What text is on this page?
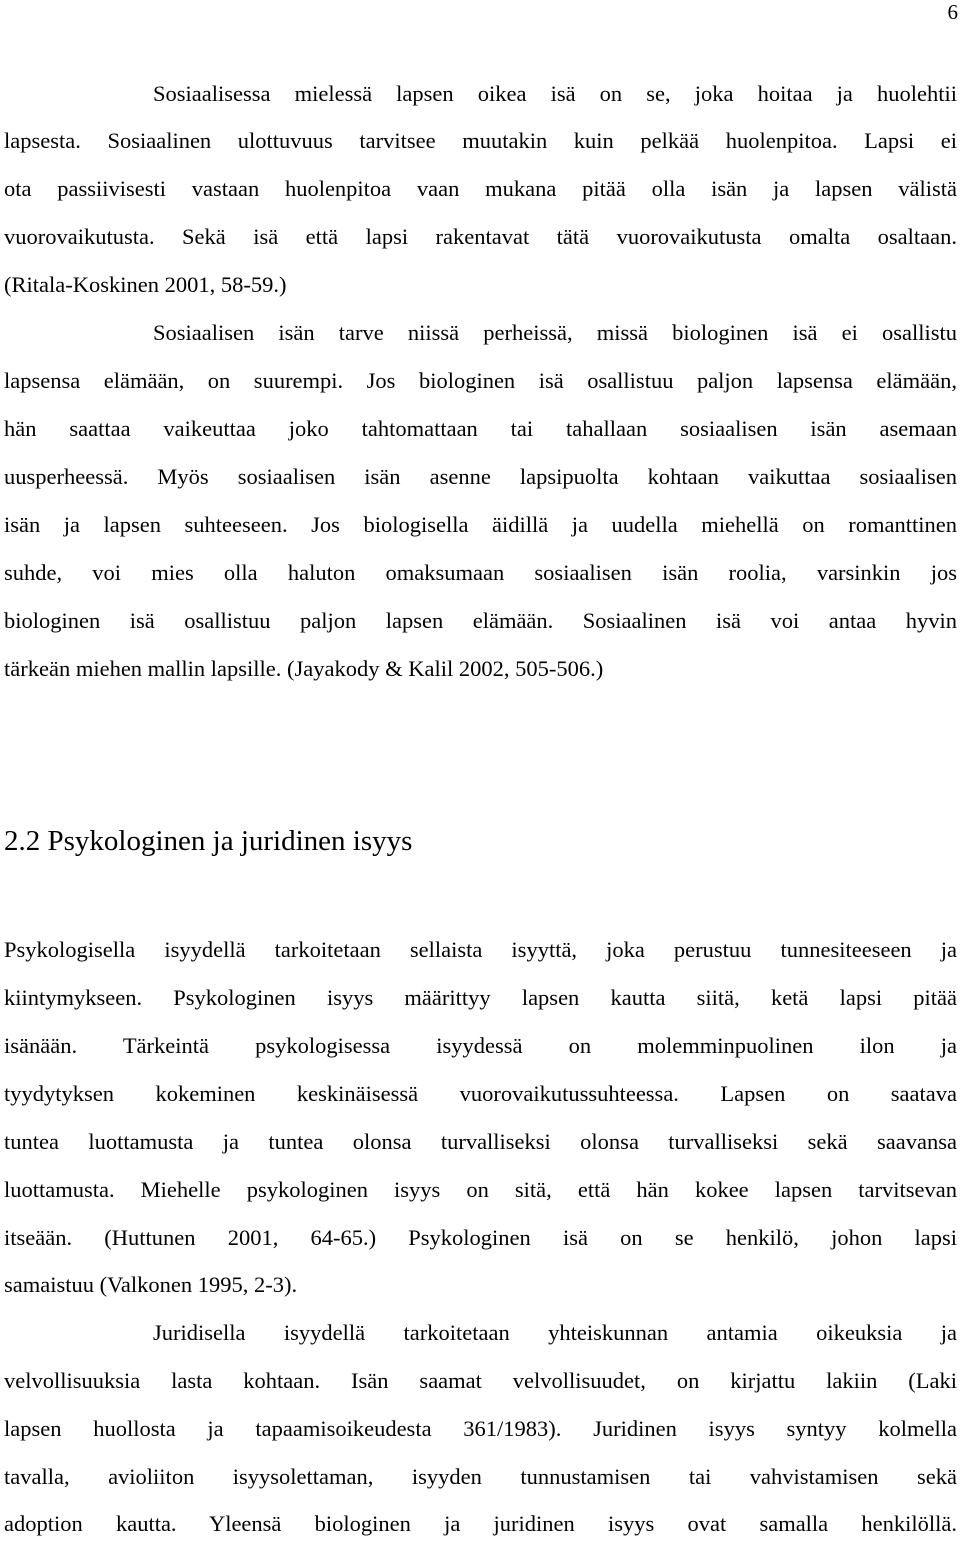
6
Sosiaalisessa mielessä lapsen oikea isä on se, joka hoitaa ja huolehtii
lapsesta. Sosiaalinen ulottuvuus tarvitsee muutakin kuin pelkää huolenpitoa. Lapsi ei
ota passiivisesti vastaan huolenpitoa vaan mukana pitää olla isän ja lapsen välistä
vuorovaikutusta. Sekä isä että lapsi rakentavat tätä vuorovaikutusta omalta osaltaan.
(Ritala-Koskinen 2001, 58-59.)
Sosiaalisen isän tarve niissä perheissä, missä biologinen isä ei osallistu
lapsensa elämään, on suurempi. Jos biologinen isä osallistuu paljon lapsensa elämään,
hän saattaa vaikeuttaa joko tahtomattaan tai tahallaan sosiaalisen isän asemaan
uusperheessä. Myös sosiaalisen isän asenne lapsipuolta kohtaan vaikuttaa sosiaalisen
isän ja lapsen suhteeseen. Jos biologisella äidillä ja uudella miehellä on romanttinen
suhde, voi mies olla haluton omaksumaan sosiaalisen isän roolia, varsinkin jos
biologinen isä osallistuu paljon lapsen elämään. Sosiaalinen isä voi antaa hyvin
tärkeän miehen mallin lapsille. (Jayakody & Kalil 2002, 505-506.)
2.2 Psykologinen ja juridinen isyys
Psykologisella isyydellä tarkoitetaan sellaista isyyttä, joka perustuu tunnesiteeseen ja
kiintymykseen. Psykologinen isyys määrittyy lapsen kautta siitä, ketä lapsi pitää
isänään. Tärkeintä psykologisessa isyydessä on molemminpuolinen ilon ja
tyydytyksen kokeminen keskinäisessä vuorovaikutussuhteessa. Lapsen on saatava
tuntea luottamusta ja tuntea olonsa turvalliseksi olonsa turvalliseksi sekä saavansa
luottamusta. Miehelle psykologinen isyys on sitä, että hän kokee lapsen tarvitsevan
itseään. (Huttunen 2001, 64-65.) Psykologinen isä on se henkilö, johon lapsi
samaistuu (Valkonen 1995, 2-3).
Juridisella isyydellä tarkoitetaan yhteiskunnan antamia oikeuksia ja
velvollisuuksia lasta kohtaan. Isän saamat velvollisuudet, on kirjattu lakiin (Laki
lapsen huollosta ja tapaamisoikeudesta 361/1983). Juridinen isyys syntyy kolmella
tavalla, avioliiton isyysolettaman, isyyden tunnustamisen tai vahvistamisen sekä
adoption kautta. Yleensä biologinen ja juridinen isyys ovat samalla henkilöllä.
